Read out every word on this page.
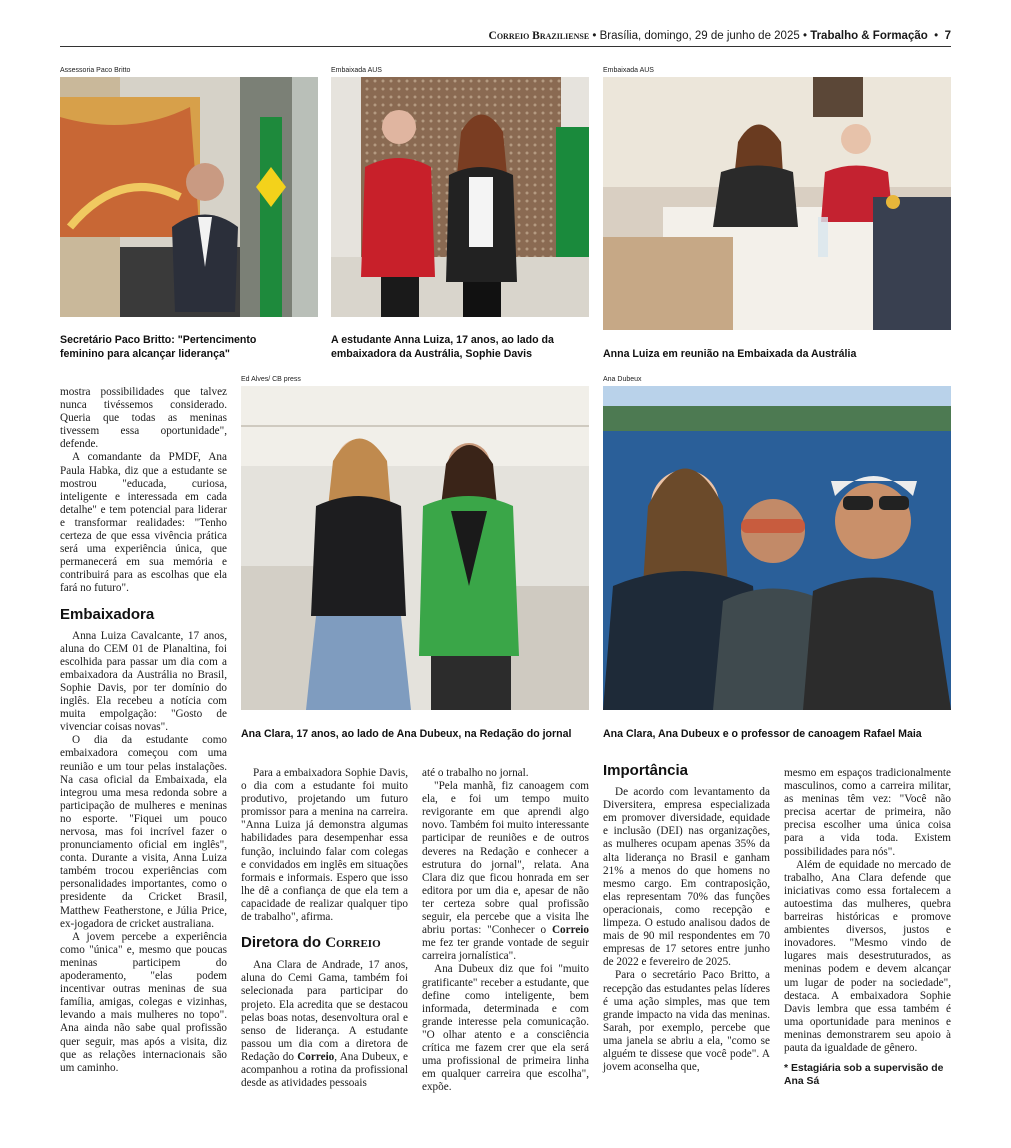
Correio Braziliense • Brasília, domingo, 29 de junho de 2025 • Trabalho & Formação • 7
Assessoria Paco Britto
Secretário Paco Britto: "Pertencimento feminino para alcançar liderança"
Embaixada AUS
A estudante Anna Luiza, 17 anos, ao lado da embaixadora da Austrália, Sophie Davis
Embaixada AUS
Anna Luiza em reunião na Embaixada da Austrália
Ed Alves/ CB press
Ana Clara, 17 anos, ao lado de Ana Dubeux, na Redação do jornal
Ana Dubeux
Ana Clara, Ana Dubeux e o professor de canoagem Rafael Maia

mostra possibilidades que talvez nunca tivéssemos considerado. Queria que todas as meninas tivessem essa oportunidade", defende.

A comandante da PMDF, Ana Paula Habka, diz que a estudante se mostrou "educada, curiosa, inteligente e interessada em cada detalhe" e tem potencial para liderar e transformar realidades: "Tenho certeza de que essa vivência prática será uma experiência única, que permanecerá em sua memória e contribuirá para as escolhas que ela fará no futuro".

Embaixadora

Anna Luiza Cavalcante, 17 anos, aluna do CEM 01 de Planaltina, foi escolhida para passar um dia com a embaixadora da Austrália no Brasil, Sophie Davis, por ter domínio do inglês. Ela recebeu a notícia com muita empolgação: "Gosto de vivenciar coisas novas".

O dia da estudante como embaixadora começou com uma reunião e um tour pelas instalações. Na casa oficial da Embaixada, ela integrou uma mesa redonda sobre a participação de mulheres e meninas no esporte. "Fiquei um pouco nervosa, mas foi incrível fazer o pronunciamento oficial em inglês", conta. Durante a visita, Anna Luiza também trocou experiências com personalidades importantes, como o presidente da Cricket Brasil, Matthew Featherstone, e Júlia Price, ex-jogadora de cricket australiana.

A jovem percebe a experiência como "única" e, mesmo que poucas meninas participem do apoderamento, "elas podem incentivar outras meninas de sua família, amigas, colegas e vizinhas, levando a mais mulheres no topo". Ana ainda não sabe qual profissão quer seguir, mas após a visita, diz que as relações internacionais são um caminho.

Para a embaixadora Sophie Davis, o dia com a estudante foi muito produtivo, projetando um futuro promissor para a menina na carreira. "Anna Luiza já demonstra algumas habilidades para desempenhar essa função, incluindo falar com colegas e convidados em inglês em situações formais e informais. Espero que isso lhe dê a confiança de que ela tem a capacidade de realizar qualquer tipo de trabalho", afirma.

Diretora do Correio

Ana Clara de Andrade, 17 anos, aluna do Cemi Gama, também foi selecionada para participar do projeto. Ela acredita que se destacou pelas boas notas, desenvoltura oral e senso de liderança. A estudante passou um dia com a diretora de Redação do Correio, Ana Dubeux, e acompanhou a rotina da profissional desde as atividades pessoais

até o trabalho no jornal.

"Pela manhã, fiz canoagem com ela, e foi um tempo muito revigorante em que aprendi algo novo. Também foi muito interessante participar de reuniões e de outros deveres na Redação e conhecer a estrutura do jornal", relata. Ana Clara diz que ficou honrada em ser editora por um dia e, apesar de não ter certeza sobre qual profissão seguir, ela percebe que a visita lhe abriu portas: "Conhecer o Correio me fez ter grande vontade de seguir carreira jornalística".

Ana Dubeux diz que foi "muito gratificante" receber a estudante, que define como inteligente, bem informada, determinada e com grande interesse pela comunicação. "O olhar atento e a consciência crítica me fazem crer que ela será uma profissional de primeira linha em qualquer carreira que escolha", expõe.

Importância

De acordo com levantamento da Diversitera, empresa especializada em promover diversidade, equidade e inclusão (DEI) nas organizações, as mulheres ocupam apenas 35% da alta liderança no Brasil e ganham 21% a menos do que homens no mesmo cargo. Em contraposição, elas representam 70% das funções operacionais, como recepção e limpeza. O estudo analisou dados de mais de 90 mil respondentes em 70 empresas de 17 setores entre junho de 2022 e fevereiro de 2025.

Para o secretário Paco Britto, a recepção das estudantes pelas líderes é uma ação simples, mas que tem grande impacto na vida das meninas. Sarah, por exemplo, percebe que uma janela se abriu a ela, "como se alguém te dissese que você pode". A jovem aconselha que,

mesmo em espaços tradicionalmente masculinos, como a carreira militar, as meninas têm vez: "Você não precisa acertar de primeira, não precisa escolher uma única coisa para a vida toda. Existem possibilidades para nós".

Além de equidade no mercado de trabalho, Ana Clara defende que iniciativas como essa fortalecem a autoestima das mulheres, quebra barreiras históricas e promove ambientes diversos, justos e inovadores. "Mesmo vindo de lugares mais desestruturados, as meninas podem e devem alcançar um lugar de poder na sociedade", destaca. A embaixadora Sophie Davis lembra que essa também é uma oportunidade para meninos e meninas demonstrarem seu apoio à pauta da igualdade de gênero.

* Estagiária sob a supervisão de Ana Sá
